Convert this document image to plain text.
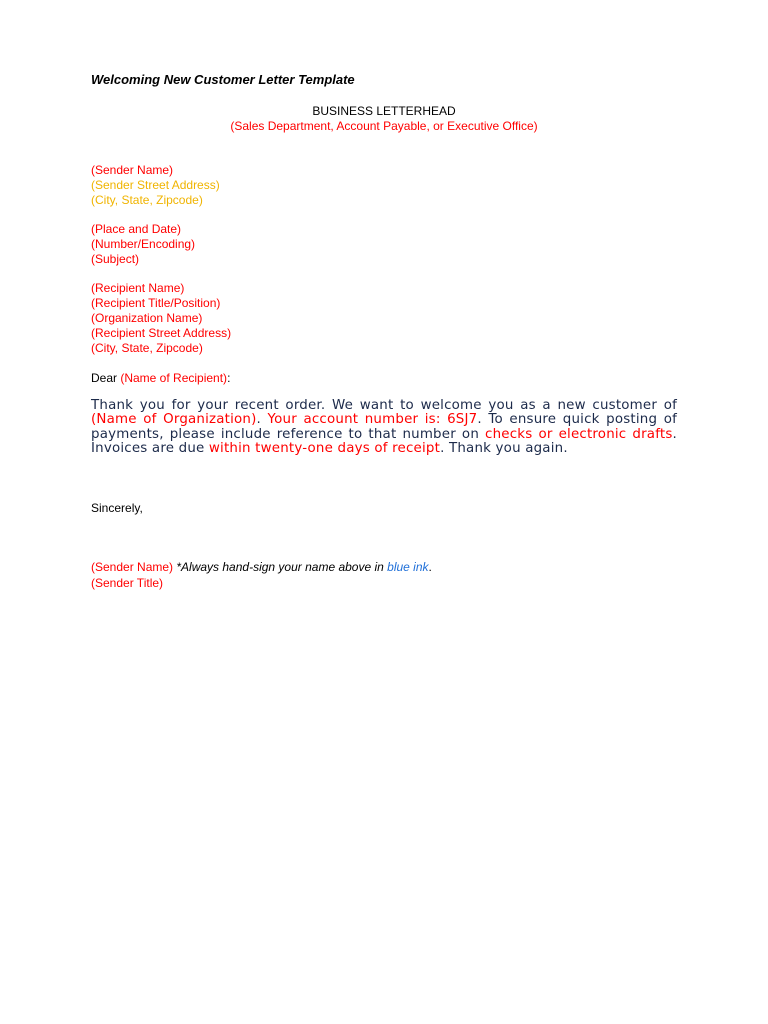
Welcoming New Customer Letter Template
BUSINESS LETTERHEAD
(Sales Department, Account Payable, or Executive Office)
(Sender Name)
(Sender Street Address)
(City, State, Zipcode)
(Place and Date)
(Number/Encoding)
(Subject)
(Recipient Name)
(Recipient Title/Position)
(Organization Name)
(Recipient Street Address)
(City, State, Zipcode)
Dear (Name of Recipient):
Thank you for your recent order. We want to welcome you as a new customer of (Name of Organization). Your account number is: 6SJ7. To ensure quick posting of payments, please include reference to that number on checks or electronic drafts. Invoices are due within twenty-one days of receipt. Thank you again.
Sincerely,
(Sender Name) *Always hand-sign your name above in blue ink.
(Sender Title)
